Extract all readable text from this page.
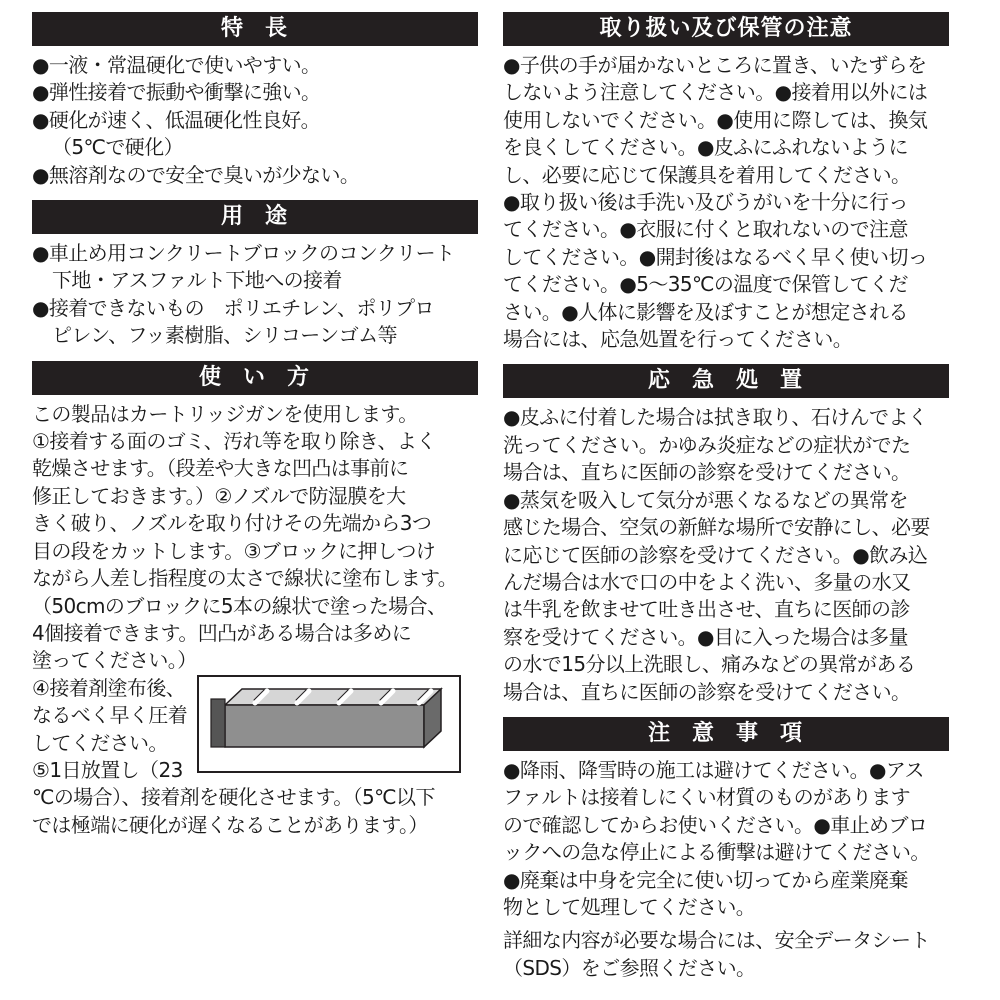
特 長
●一液・常温硬化で使いやすい。
●弾性接着で振動や衝撃に強い。
●硬化が速く、低温硬化性良好。
（5℃で硬化）
●無溶剤なので安全で臭いが少ない。
用 途
●車止め用コンクリートブロックのコンクリート
下地・アスファルト下地への接着
●接着できないもの　ポリエチレン、ポリプロ
ピレン、フッ素樹脂、シリコーンゴム等
使 い 方
この製品はカートリッジガンを使用します。
①接着する面のゴミ、汚れ等を取り除き、よく
乾燥させます。（段差や大きな凹凸は事前に
修正しておきます。）②ノズルで防湿膜を大
きく破り、ノズルを取り付けその先端から3つ
目の段をカットします。③ブロックに押しつけ
ながら人差し指程度の太さで線状に塗布します。
（50cmのブロックに5本の線状で塗った場合、
4個接着できます。凹凸がある場合は多めに
塗ってください。）
④接着剤塗布後、
なるべく早く圧着
してください。
⑤1日放置し（23
℃の場合）、接着剤を硬化させます。（5℃以下
では極端に硬化が遅くなることがあります。）
取り扱い及び保管の注意
●子供の手が届かないところに置き、いたずらを
しないよう注意してください。●接着用以外には
使用しないでください。●使用に際しては、換気
を良くしてください。●皮ふにふれないように
し、必要に応じて保護具を着用してください。
●取り扱い後は手洗い及びうがいを十分に行っ
てください。●衣服に付くと取れないので注意
してください。●開封後はなるべく早く使い切っ
てください。●5～35℃の温度で保管してくだ
さい。●人体に影響を及ぼすことが想定される
場合には、応急処置を行ってください。
応 急 処 置
●皮ふに付着した場合は拭き取り、石けんでよく
洗ってください。かゆみ炎症などの症状がでた
場合は、直ちに医師の診察を受けてください。
●蒸気を吸入して気分が悪くなるなどの異常を
感じた場合、空気の新鮮な場所で安静にし、必要
に応じて医師の診察を受けてください。●飲み込
んだ場合は水で口の中をよく洗い、多量の水又
は牛乳を飲ませて吐き出させ、直ちに医師の診
察を受けてください。●目に入った場合は多量
の水で15分以上洗眼し、痛みなどの異常がある
場合は、直ちに医師の診察を受けてください。
注 意 事 項
●降雨、降雪時の施工は避けてください。●アス
ファルトは接着しにくい材質のものがあります
ので確認してからお使いください。●車止めブロ
ックへの急な停止による衝撃は避けてください。
●廃棄は中身を完全に使い切ってから産業廃棄
物として処理してください。
詳細な内容が必要な場合には、安全データシート
（SDS）をご参照ください。
